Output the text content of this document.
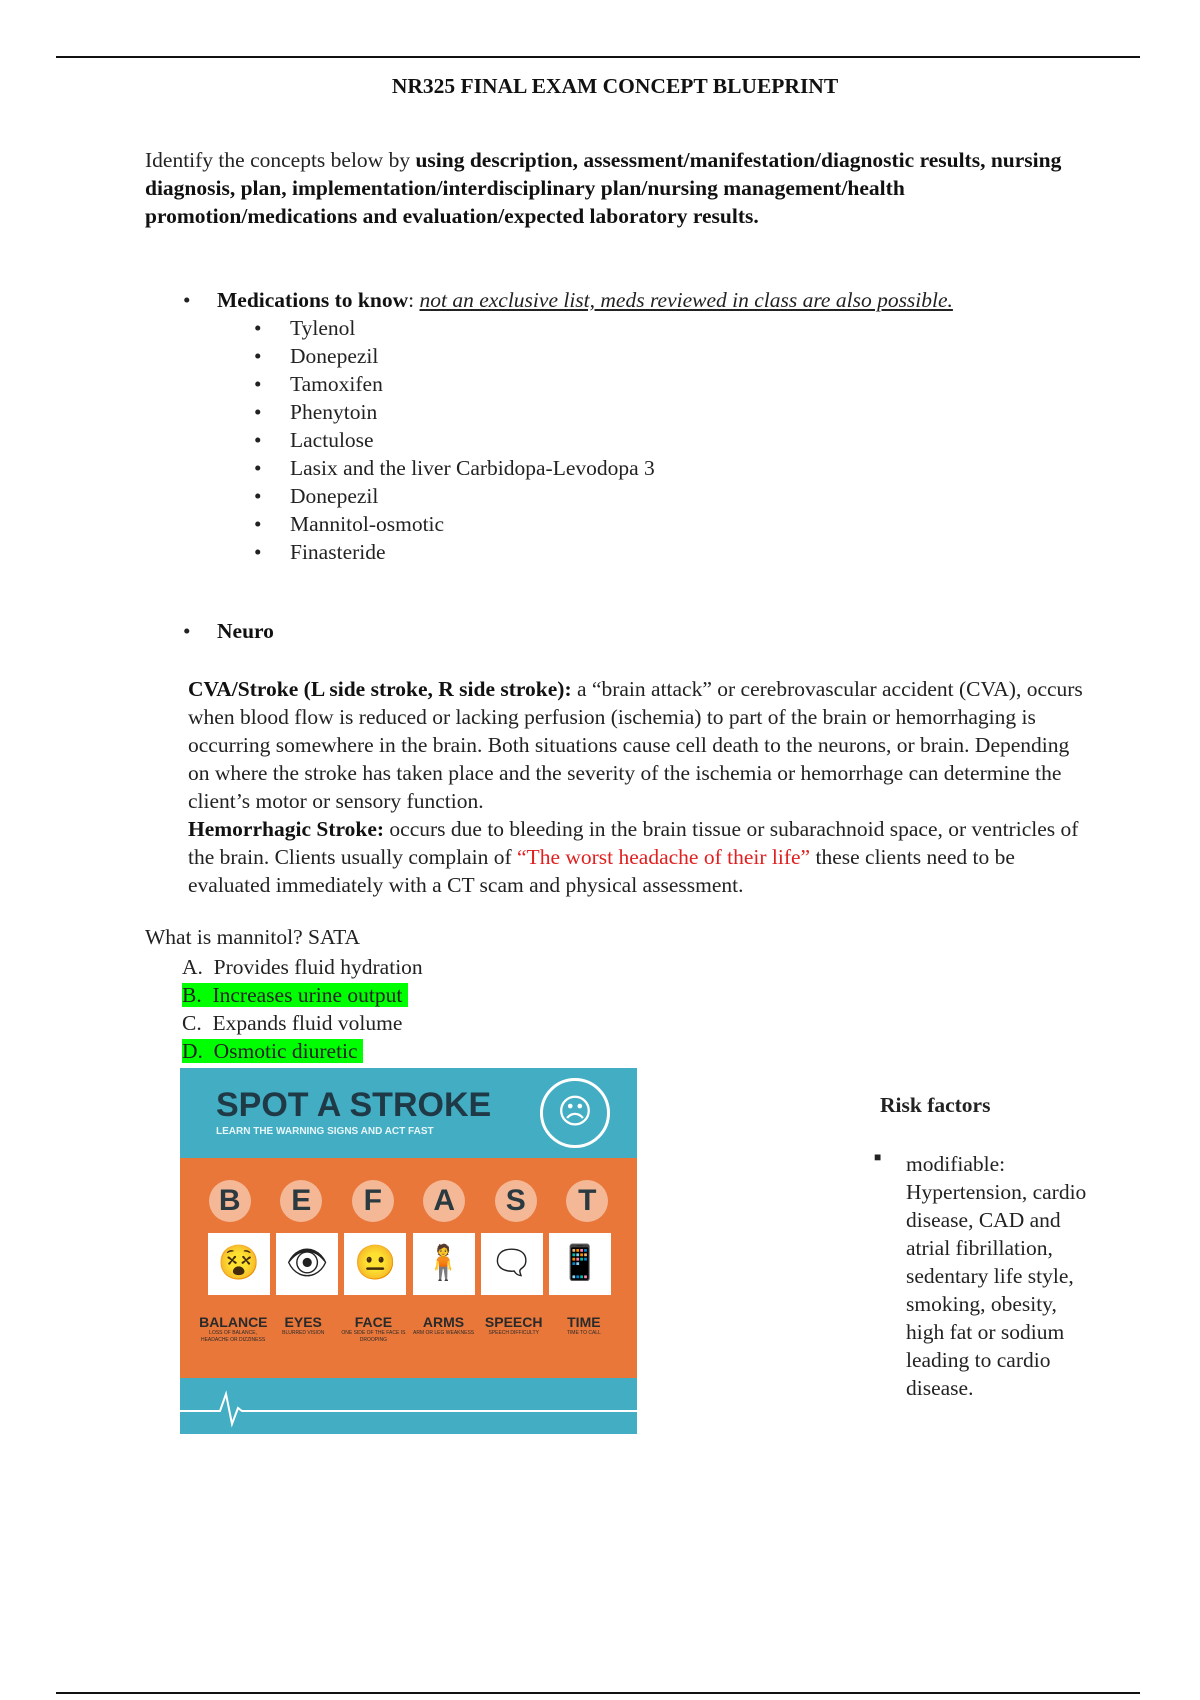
NR325 FINAL EXAM CONCEPT BLUEPRINT
Identify the concepts below by using description, assessment/manifestation/diagnostic results, nursing diagnosis, plan, implementation/interdisciplinary plan/nursing management/health promotion/medications and evaluation/expected laboratory results.
• Medications to know: not an exclusive list, meds reviewed in class are also possible.
• Tylenol
• Donepezil
• Tamoxifen
• Phenytoin
• Lactulose
• Lasix and the liver Carbidopa-Levodopa 3
• Donepezil
• Mannitol-osmotic
• Finasteride
• Neuro
CVA/Stroke (L side stroke, R side stroke): a “brain attack” or cerebrovascular accident (CVA), occurs when blood flow is reduced or lacking perfusion (ischemia) to part of the brain or hemorrhaging is occurring somewhere in the brain. Both situations cause cell death to the neurons, or brain. Depending on where the stroke has taken place and the severity of the ischemia or hemorrhage can determine the client’s motor or sensory function.
Hemorrhagic Stroke: occurs due to bleeding in the brain tissue or subarachnoid space, or ventricles of the brain. Clients usually complain of “The worst headache of their life” these clients need to be evaluated immediately with a CT scam and physical assessment.
What is mannitol? SATA
A. Provides fluid hydration
B. Increases urine output
C. Expands fluid volume
D. Osmotic diuretic
SPOT A STROKE
LEARN THE WARNING SIGNS AND ACT FAST
☹
B	E	F	A	S	T
😵 👁 😐 🧍 🗨 📱
BALANCE
LOSS OF BALANCE, HEADACHE OR DIZZINESS
EYES
BLURRED VISION
FACE
ONE SIDE OF THE FACE IS DROOPING
ARMS
ARM OR LEG WEAKNESS
SPEECH
SPEECH DIFFICULTY
TIME
TIME TO CALL
Risk factors
■ modifiable: Hypertension, cardio disease, CAD and atrial fibrillation, sedentary life style, smoking, obesity, high fat or sodium leading to cardio disease.
